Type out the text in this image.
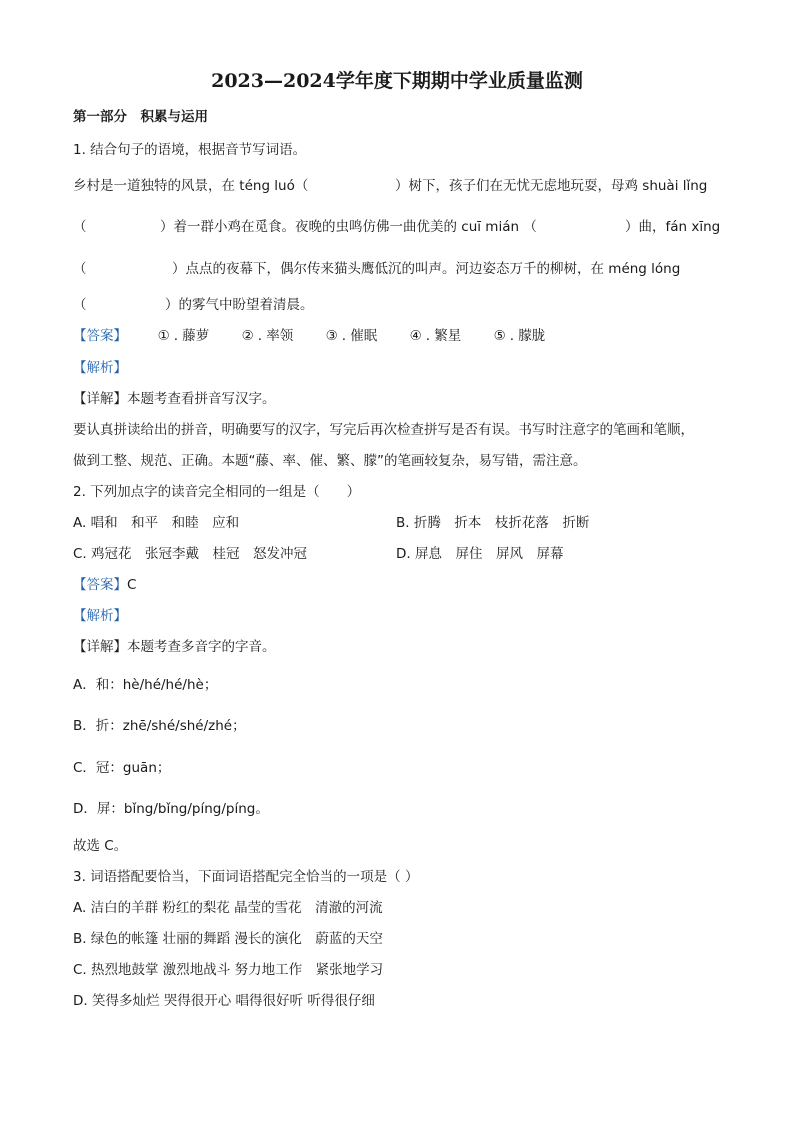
2023—2024学年度下期期中学业质量监测
第一部分　积累与运用
1. 结合句子的语境，根据音节写词语。
乡村是一道独特的风景，在 téng luó（	）树下，孩子们在无忧无虑地玩耍，母鸡 shuài lǐng
（	）着一群小鸡在觅食。夜晚的虫鸣仿佛一曲优美的 cuī mián （	）曲，fán xīng
（	）点点的夜幕下，偶尔传来猫头鹰低沉的叫声。河边姿态万千的柳树，在 méng lóng
（	）的雾气中盼望着清晨。
【答案】 ① . 藤萝 ② . 率领 ③ . 催眠 ④ . 繁星 ⑤ . 朦胧
【解析】
【详解】本题考查看拼音写汉字。
要认真拼读给出的拼音，明确要写的汉字，写完后再次检查拼写是否有误。书写时注意字的笔画和笔顺，
做到工整、规范、正确。本题“藤、率、催、繁、朦”的笔画较复杂，易写错，需注意。
2. 下列加点字的读音完全相同的一组是（　　）
A. 唱和　和平　和睦　应和	B. 折腾　折本　枝折花落　折断
C. 鸡冠花　张冠李戴　桂冠　怒发冲冠	D. 屏息　屏住　屏风　屏幕
【答案】C
【解析】
【详解】本题考查多音字的字音。
A．和：hè/hé/hé/hè；
B．折：zhē/shé/shé/zhé；
C．冠：guān；
D．屏：bǐng/bǐng/píng/píng。
故选 C。
3. 词语搭配要恰当，下面词语搭配完全恰当的一项是（ ）
A. 洁白的羊群 粉红的梨花 晶莹的雪花　清澈的河流
B. 绿色的帐篷 壮丽的舞蹈 漫长的演化　蔚蓝的天空
C. 热烈地鼓掌 激烈地战斗 努力地工作　紧张地学习
D. 笑得多灿烂 哭得很开心 唱得很好听 听得很仔细
